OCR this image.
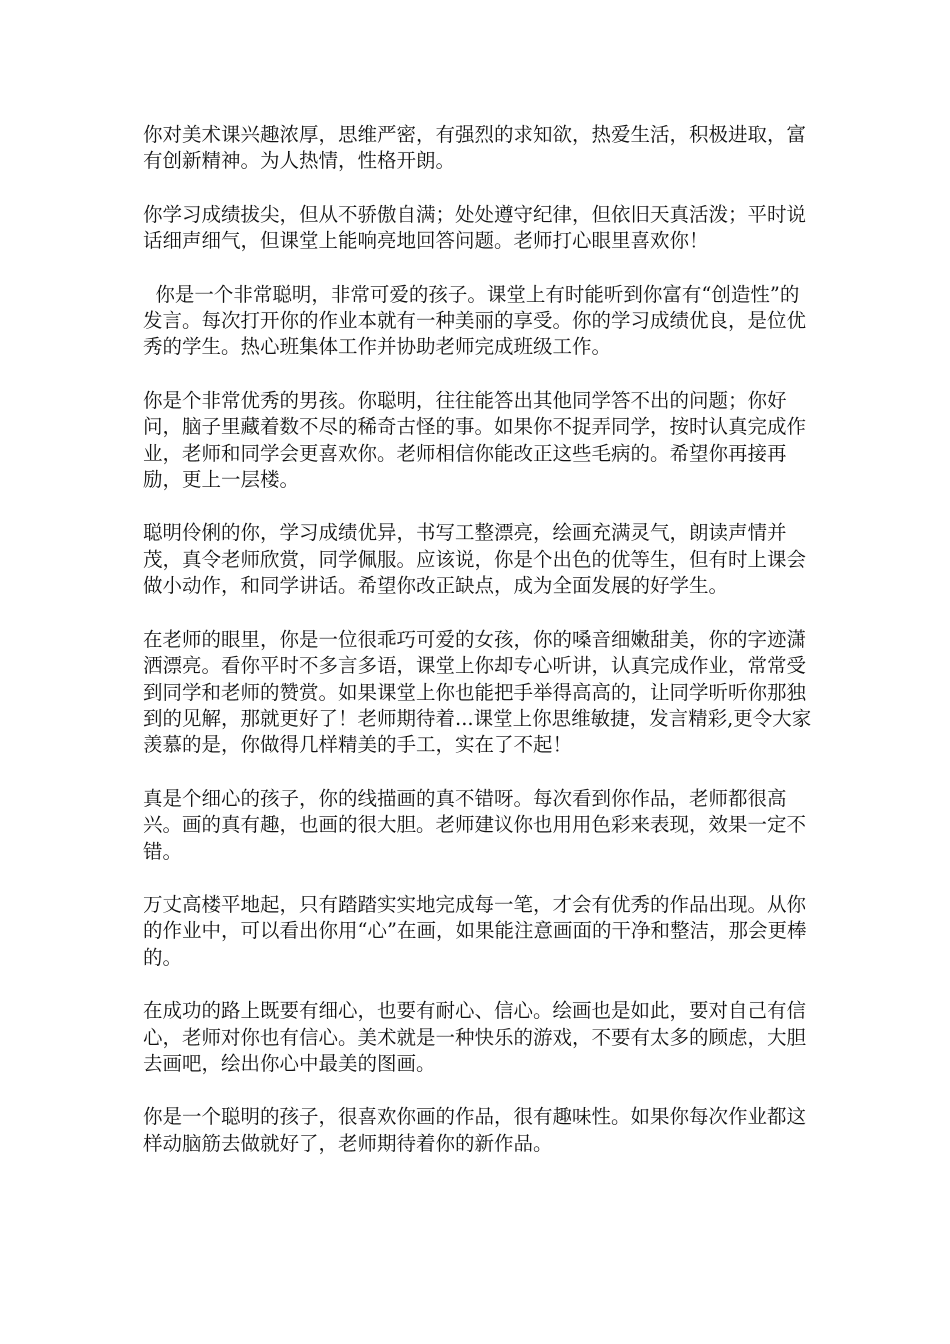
你对美术课兴趣浓厚，思维严密，有强烈的求知欲，热爱生活，积极进取，富有创新精神。为人热情，性格开朗。

你学习成绩拔尖，但从不骄傲自满；处处遵守纪律，但依旧天真活泼；平时说话细声细气，但课堂上能响亮地回答问题。老师打心眼里喜欢你！

你是一个非常聪明，非常可爱的孩子。课堂上有时能听到你富有“创造性”的发言。每次打开你的作业本就有一种美丽的享受。你的学习成绩优良，是位优秀的学生。热心班集体工作并协助老师完成班级工作。

你是个非常优秀的男孩。你聪明，往往能答出其他同学答不出的问题；你好问，脑子里藏着数不尽的稀奇古怪的事。如果你不捉弄同学，按时认真完成作业，老师和同学会更喜欢你。老师相信你能改正这些毛病的。希望你再接再励，更上一层楼。

聪明伶俐的你，学习成绩优异，书写工整漂亮，绘画充满灵气，朗读声情并茂，真令老师欣赏，同学佩服。应该说，你是个出色的优等生，但有时上课会做小动作，和同学讲话。希望你改正缺点，成为全面发展的好学生。

在老师的眼里，你是一位很乖巧可爱的女孩，你的嗓音细嫩甜美，你的字迹潇洒漂亮。看你平时不多言多语，课堂上你却专心听讲，认真完成作业，常常受到同学和老师的赞赏。如果课堂上你也能把手举得高高的，让同学听听你那独到的见解，那就更好了！老师期待着...课堂上你思维敏捷，发言精彩,更令大家羡慕的是，你做得几样精美的手工，实在了不起！

真是个细心的孩子，你的线描画的真不错呀。每次看到你作品，老师都很高兴。画的真有趣，也画的很大胆。老师建议你也用用色彩来表现，效果一定不错。

万丈高楼平地起，只有踏踏实实地完成每一笔，才会有优秀的作品出现。从你的作业中，可以看出你用“心”在画，如果能注意画面的干净和整洁，那会更棒的。

在成功的路上既要有细心，也要有耐心、信心。绘画也是如此，要对自己有信心，老师对你也有信心。美术就是一种快乐的游戏，不要有太多的顾虑，大胆去画吧，绘出你心中最美的图画。

你是一个聪明的孩子，很喜欢你画的作品，很有趣味性。如果你每次作业都这样动脑筋去做就好了，老师期待着你的新作品。
